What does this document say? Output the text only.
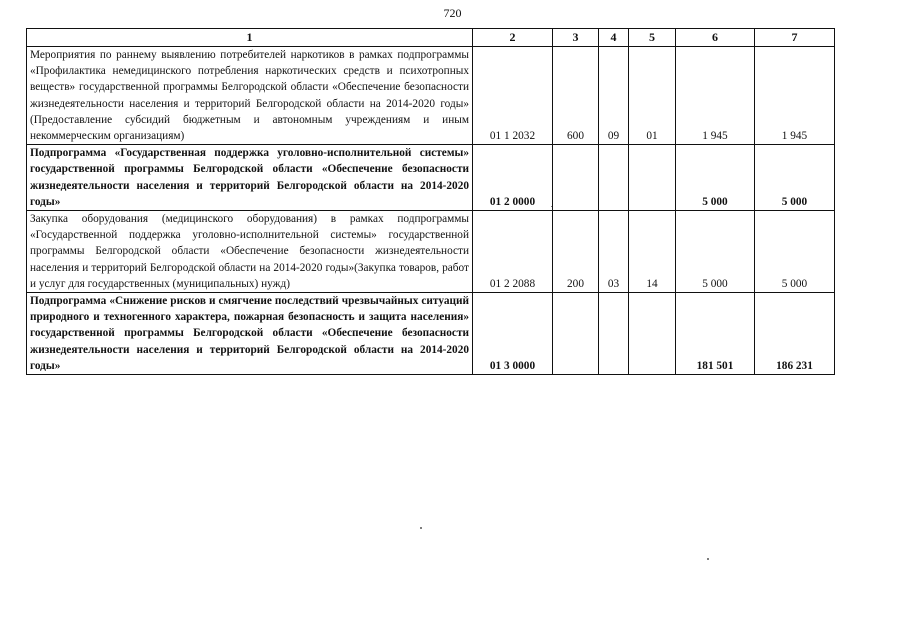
720
1	2	3	4	5	6	7
Мероприятия по раннему выявлению потребителей наркотиков в рамках подпрограммы «Профилактика немедицинского потребления наркотических средств и психотропных веществ» государственной программы Белгородской области «Обеспечение безопасности жизнедеятельности населения и территорий Белгородской области на 2014-2020 годы» (Предоставление субсидий бюджетным и автономным учреждениям и иным некоммерческим организациям)	01 1 2032	600	09	01	1 945	1 945
Подпрограмма «Государственная поддержка уголовно-исполнительной системы» государственной программы Белгородской области «Обеспечение безопасности жизнедеятельности населения и территорий Белгородской области на 2014-2020 годы»	01 2 0000				5 000	5 000
Закупка оборудования (медицинского оборудования) в рамках подпрограммы «Государственной поддержка уголовно-исполнительной системы» государственной программы Белгородской области «Обеспечение безопасности жизнедеятельности населения и территорий Белгородской области на 2014-2020 годы»(Закупка товаров, работ и услуг для государственных (муниципальных) нужд)	01 2 2088	200	03	14	5 000	5 000
Подпрограмма «Снижение рисков и смягчение последствий чрезвычайных ситуаций природного и техногенного характера, пожарная безопасность и защита населения» государственной программы Белгородской области «Обеспечение безопасности жизнедеятельности населения и территорий Белгородской области на 2014-2020 годы»	01 3 0000				181 501	186 231
